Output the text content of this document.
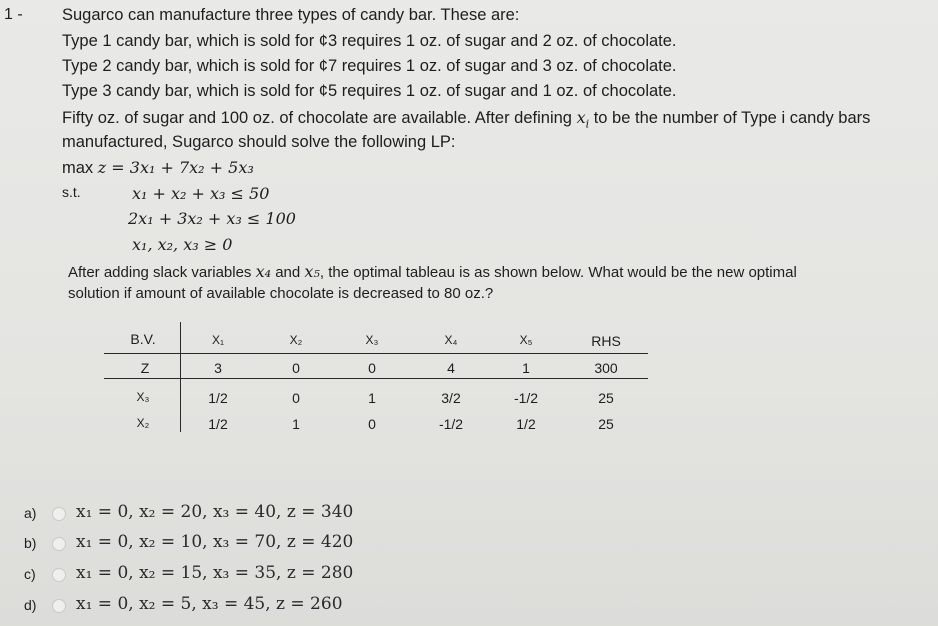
1 - Sugarco can manufacture three types of candy bar. These are:
Type 1 candy bar, which is sold for ¢3 requires 1 oz. of sugar and 2 oz. of chocolate.
Type 2 candy bar, which is sold for ¢7 requires 1 oz. of sugar and 3 oz. of chocolate.
Type 3 candy bar, which is sold for ¢5 requires 1 oz. of sugar and 1 oz. of chocolate.
Fifty oz. of sugar and 100 oz. of chocolate are available. After defining $x_i$ to be the number of Type i candy bars
manufactured, Sugarco should solve the following LP:
max z = 3x₁ + 7x₂ + 5x₃
s.t.	x₁ + x₂ + x₃ ≤ 50
2x₁ + 3x₂ + x₃ ≤ 100
x₁, x₂, x₃ ≥ 0
After adding slack variables x₄ and x₅, the optimal tableau is as shown below. What would be the new optimal
solution if amount of available chocolate is decreased to 80 oz.?
B.V.	X₁	X₂	X₃	X₄	X₅	RHS
Z	3	0	0	4	1	300
X₃	1/2	0	1	3/2	-1/2	25
X₂	1/2	1	0	-1/2	1/2	25
a) x₁ = 0, x₂ = 20, x₃ = 40, z = 340
b) x₁ = 0, x₂ = 10, x₃ = 70, z = 420
c) x₁ = 0, x₂ = 15, x₃ = 35, z = 280
d) x₁ = 0, x₂ = 5, x₃ = 45, z = 260
